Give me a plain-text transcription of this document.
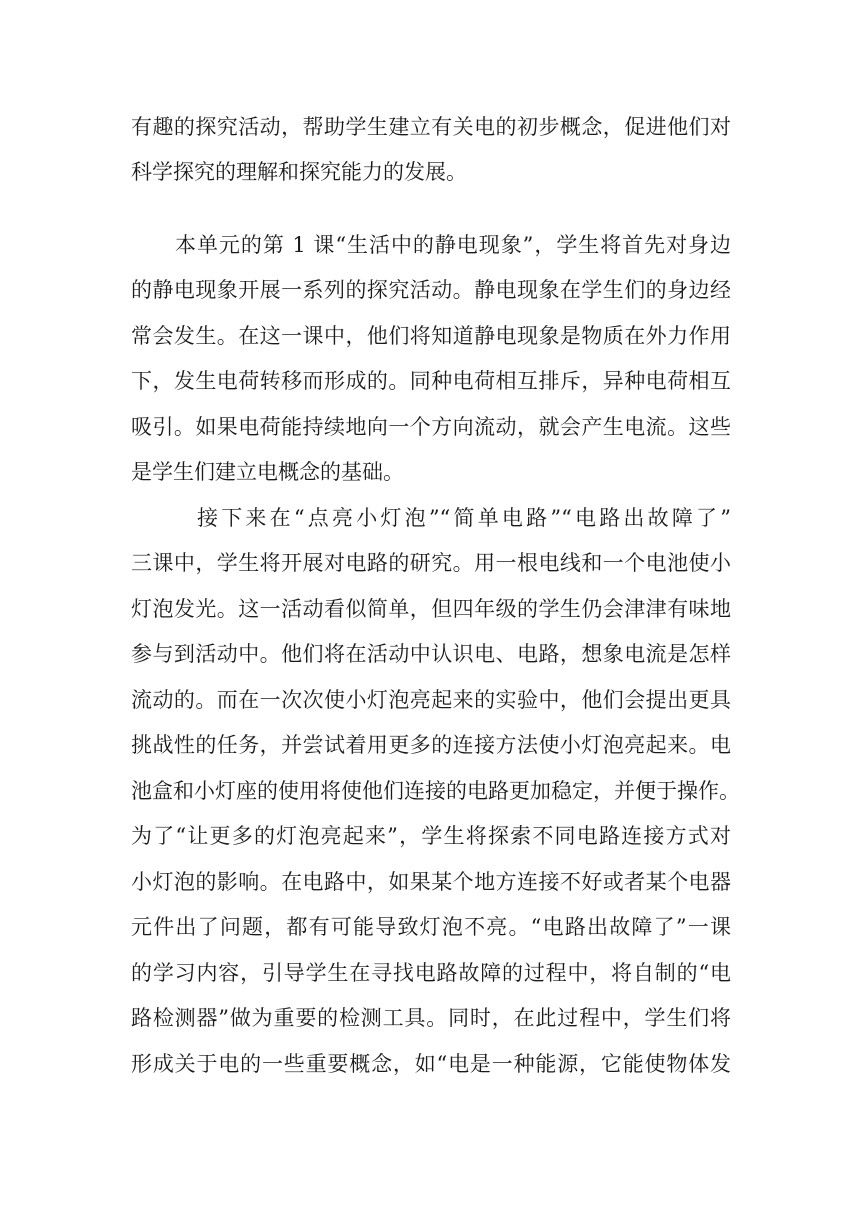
有趣的探究活动，帮助学生建立有关电的初步概念，促进他们对
科学探究的理解和探究能力的发展。
本单元的第 1 课“生活中的静电现象”，学生将首先对身边
的静电现象开展一系列的探究活动。静电现象在学生们的身边经
常会发生。在这一课中，他们将知道静电现象是物质在外力作用
下，发生电荷转移而形成的。同种电荷相互排斥，异种电荷相互
吸引。如果电荷能持续地向一个方向流动，就会产生电流。这些
是学生们建立电概念的基础。
接下来在“点亮小灯泡”“简单电路”“电路出故障了”
三课中，学生将开展对电路的研究。用一根电线和一个电池使小
灯泡发光。这一活动看似简单，但四年级的学生仍会津津有味地
参与到活动中。他们将在活动中认识电、电路，想象电流是怎样
流动的。而在一次次使小灯泡亮起来的实验中，他们会提出更具
挑战性的任务，并尝试着用更多的连接方法使小灯泡亮起来。电
池盒和小灯座的使用将使他们连接的电路更加稳定，并便于操作。
为了“让更多的灯泡亮起来”，学生将探索不同电路连接方式对
小灯泡的影响。在电路中，如果某个地方连接不好或者某个电器
元件出了问题，都有可能导致灯泡不亮。“电路出故障了”一课
的学习内容，引导学生在寻找电路故障的过程中，将自制的“电
路检测器”做为重要的检测工具。同时，在此过程中，学生们将
形成关于电的一些重要概念，如“电是一种能源，它能使物体发
